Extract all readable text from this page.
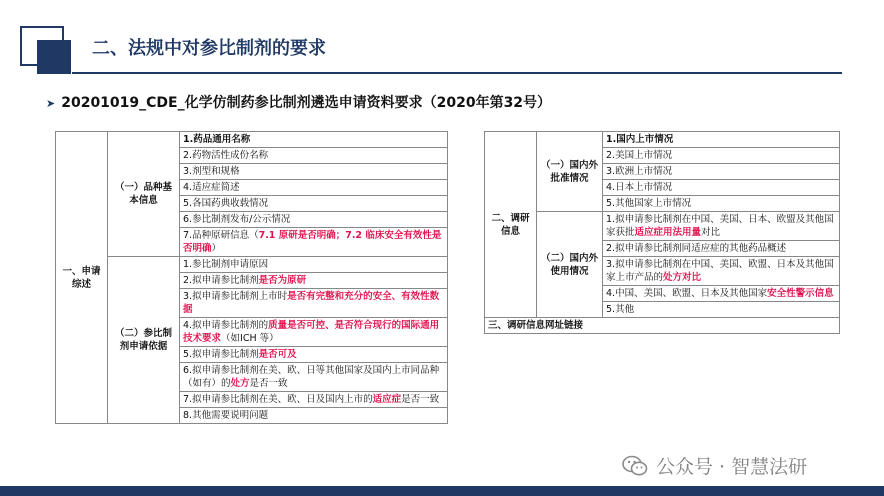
二、法规中对参比制剂的要求
➤ 20201019_CDE_化学仿制药参比制剂遴选申请资料要求（2020年第32号）
一、申请综述	（一）品种基本信息	1.药品通用名称
		2.药物活性成份名称
		3.剂型和规格
		4.适应症简述
		5.各国药典收载情况
		6.参比制剂发布/公示情况
		7.品种原研信息（7.1 原研是否明确；7.2 临床安全有效性是否明确）
	（二）参比制剂申请依据	1.参比制剂申请原因
		2.拟申请参比制剂是否为原研
		3.拟申请参比制剂上市时是否有完整和充分的安全、有效性数据
		4.拟申请参比制剂的质量是否可控、是否符合现行的国际通用技术要求（如ICH 等）
		5.拟申请参比制剂是否可及
		6.拟申请参比制剂在美、欧、日等其他国家及国内上市同品种（如有）的处方是否一致
		7.拟申请参比制剂在美、欧、日及国内上市的适应症是否一致
		8.其他需要说明问题
二、调研信息	（一）国内外批准情况	1.国内上市情况
		2.美国上市情况
		3.欧洲上市情况
		4.日本上市情况
		5.其他国家上市情况
	（二）国内外使用情况	1.拟申请参比制剂在中国、美国、日本、欧盟及其他国家获批适应症用法用量对比
		2.拟申请参比制剂同适应症的其他药品概述
		3.拟申请参比制剂在中国、美国、欧盟、日本及其他国家上市产品的处方对比
		4.中国、美国、欧盟、日本及其他国家安全性警示信息
		5.其他
三、调研信息网址链接		
公众号 · 智慧法研
